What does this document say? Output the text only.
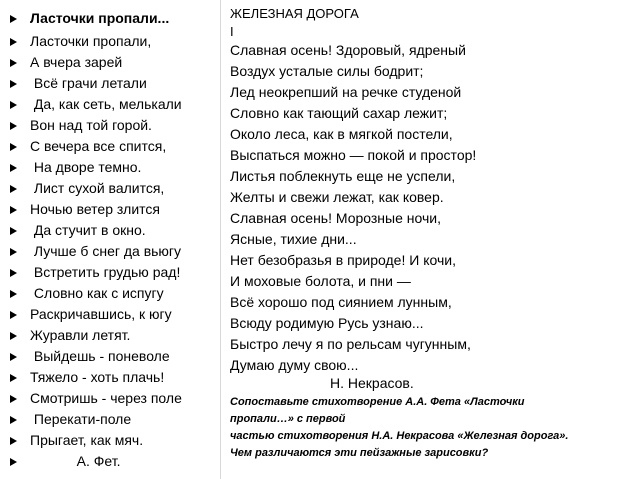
Ласточки пропали...
Ласточки пропали,
А вчера зарей
Всё грачи летали
Да, как сеть, мелькали
Вон над той горой.
С вечера все спится,
На дворе темно.
Лист сухой валится,
Ночью ветер злится
Да стучит в окно.
Лучше б снег да вьюгу
Встретить грудью рад!
Словно как с испугу
Раскричавшись, к югу
Журавли летят.
Выйдешь - поневоле
Тяжело - хоть плачь!
Смотришь - через поле
Перекати-поле
Прыгает, как мяч.
А. Фет.
ЖЕЛЕЗНАЯ ДОРОГА
I
Славная осень! Здоровый, ядреный
Воздух усталые силы бодрит;
Лед неокрепший на речке студеной
Словно как тающий сахар лежит;
Около леса, как в мягкой постели,
Выспаться можно — покой и простор!
Листья поблекнуть еще не успели,
Желты и свежи лежат, как ковер.
Славная осень! Морозные ночи,
Ясные, тихие дни...
Нет безобразья в природе! И кочи,
И моховые болота, и пни —
Всё хорошо под сиянием лунным,
Всюду родимую Русь узнаю...
Быстро лечу я по рельсам чугунным,
Думаю думу свою...
Н. Некрасов.
Сопоставьте стихотворение А.А. Фета «Ласточки
пропали…» с первой
частью стихотворения Н.А. Некрасова «Железная дорога».
Чем различаются эти пейзажные зарисовки?
